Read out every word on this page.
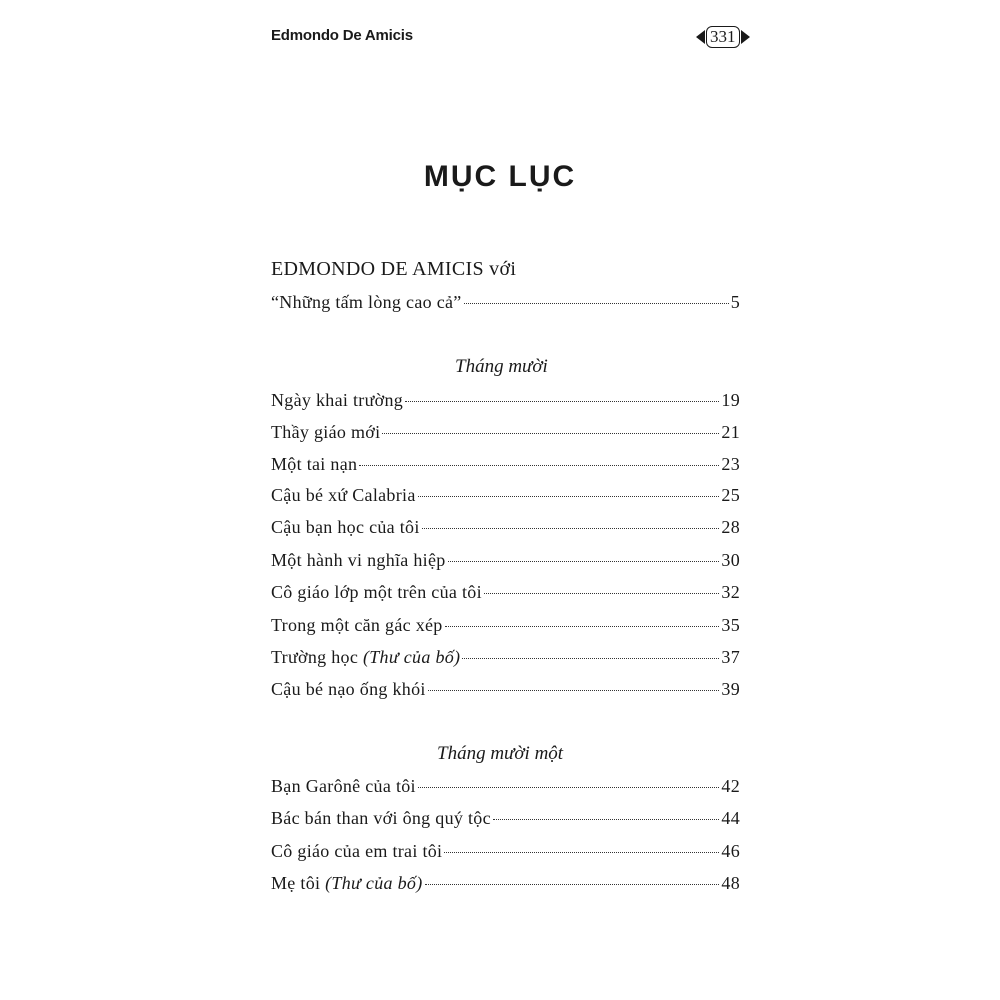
Edmondo De Amicis	331
MỤC LỤC
EDMONDO DE AMICIS với
“Những tấm lòng cao cả”	5
Tháng mười
Ngày khai trường	19
Thầy giáo mới	21
Một tai nạn	23
Cậu bé xứ Calabria	25
Cậu bạn học của tôi	28
Một hành vi nghĩa hiệp	30
Cô giáo lớp một trên của tôi	32
Trong một căn gác xép	35
Trường học (Thư của bố)	37
Cậu bé nạo ống khói	39
Tháng mười một
Bạn Garônê của tôi	42
Bác bán than với ông quý tộc	44
Cô giáo của em trai tôi	46
Mẹ tôi (Thư của bố)	48
